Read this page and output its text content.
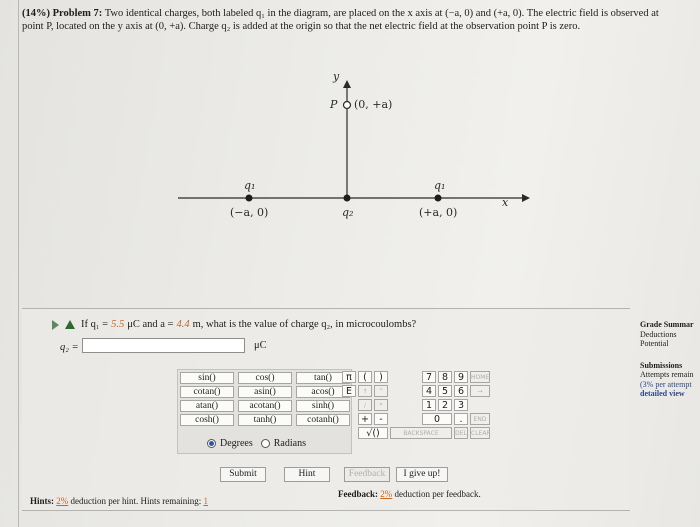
(14%) Problem 7: Two identical charges, both labeled q₁ in the diagram, are placed on the x axis at (−a, 0) and (+a, 0). The electric field is observed at point P, located on the y axis at (0, +a). Charge q₂ is added at the origin so that the net electric field at the observation point P is zero.
y
x
P (0, +a)
q₁
(−a, 0)	q₂
q₁
(+a, 0)
If q₁ = 5.5 μC and a = 4.4 m, what is the value of charge q₂, in microcoulombs?
q₂ =	μC
sin()	cos()	tan()
cotan()	asin()	acos()
atan()	acotan()	sinh()
cosh()	tanh()	cotanh()
Degrees Radians
π	(	)
E	↑	^
/	*
+	-
√()
7	8	9
4	5	6
1	2	3
0	.
HOME
→
END
BACKSPACE	DEL CLEAR
Submit	Hint	Feedback	I give up!
Hints: 2% deduction per hint. Hints remaining: 1
Feedback: 2% deduction per feedback.
Grade Summar
Deductions
Potential
Submissions
Attempts remain
(3% per attempt
detailed view
